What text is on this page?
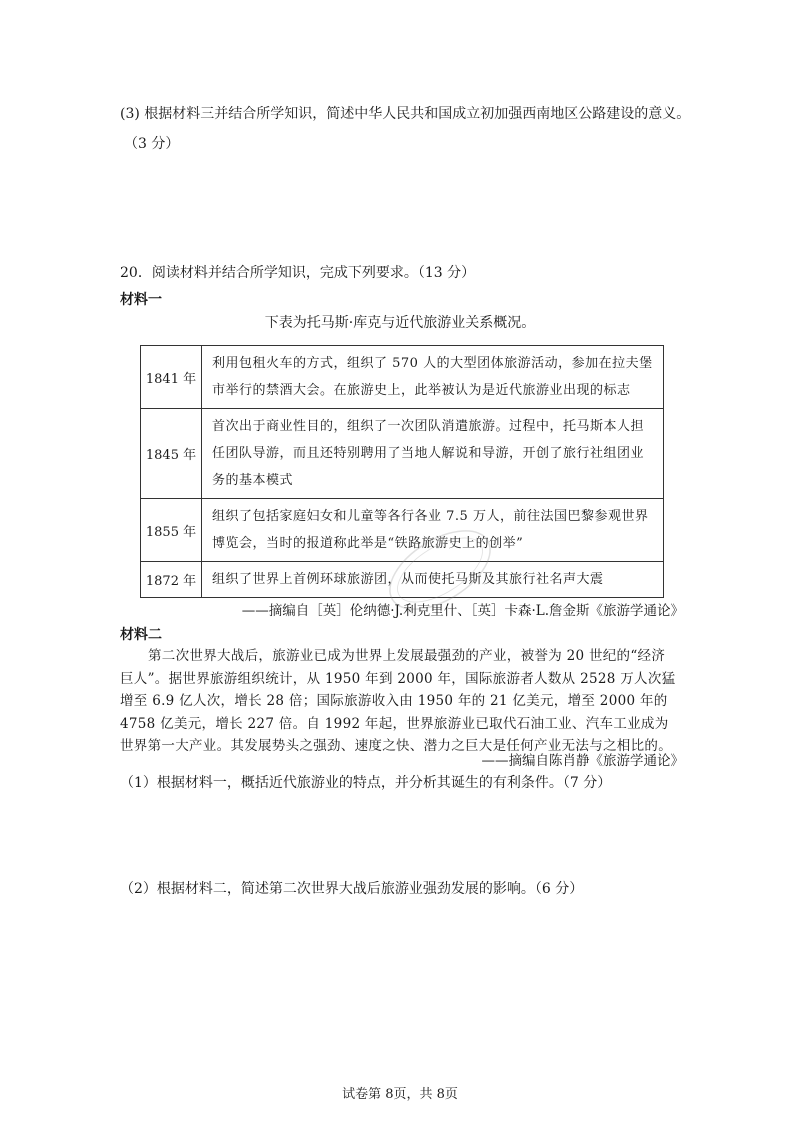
(3) 根据材料三并结合所学知识，简述中华人民共和国成立初加强西南地区公路建设的意义。
（3 分）
20．阅读材料并结合所学知识，完成下列要求。（13 分）
材料一
下表为托马斯·库克与近代旅游业关系概况。
1841 年	利用包租火车的方式，组织了 570 人的大型团体旅游活动，参加在拉夫堡市举行的禁酒大会。在旅游史上，此举被认为是近代旅游业出现的标志
1845 年	首次出于商业性目的，组织了一次团队消遣旅游。过程中，托马斯本人担任团队导游，而且还特别聘用了当地人解说和导游，开创了旅行社组团业务的基本模式
1855 年	组织了包括家庭妇女和儿童等各行各业 7.5 万人，前往法国巴黎参观世界博览会，当时的报道称此举是“铁路旅游史上的创举”
1872 年	组织了世界上首例环球旅游团，从而使托马斯及其旅行社名声大震
——摘编自［英］伦纳德·J.利克里什、［英］卡森·L.詹金斯《旅游学通论》
材料二
第二次世界大战后，旅游业已成为世界上发展最强劲的产业，被誉为 20 世纪的“经济巨人”。据世界旅游组织统计，从 1950 年到 2000 年，国际旅游者人数从 2528 万人次猛增至 6.9 亿人次，增长 28 倍；国际旅游收入由 1950 年的 21 亿美元，增至 2000 年的 4758 亿美元，增长 227 倍。自 1992 年起，世界旅游业已取代石油工业、汽车工业成为世界第一大产业。其发展势头之强劲、速度之快、潜力之巨大是任何产业无法与之相比的。
——摘编自陈肖静《旅游学通论》
（1）根据材料一，概括近代旅游业的特点，并分析其诞生的有利条件。（7 分）
（2）根据材料二，简述第二次世界大战后旅游业强劲发展的影响。（6 分）
试卷第 8页，共 8页
